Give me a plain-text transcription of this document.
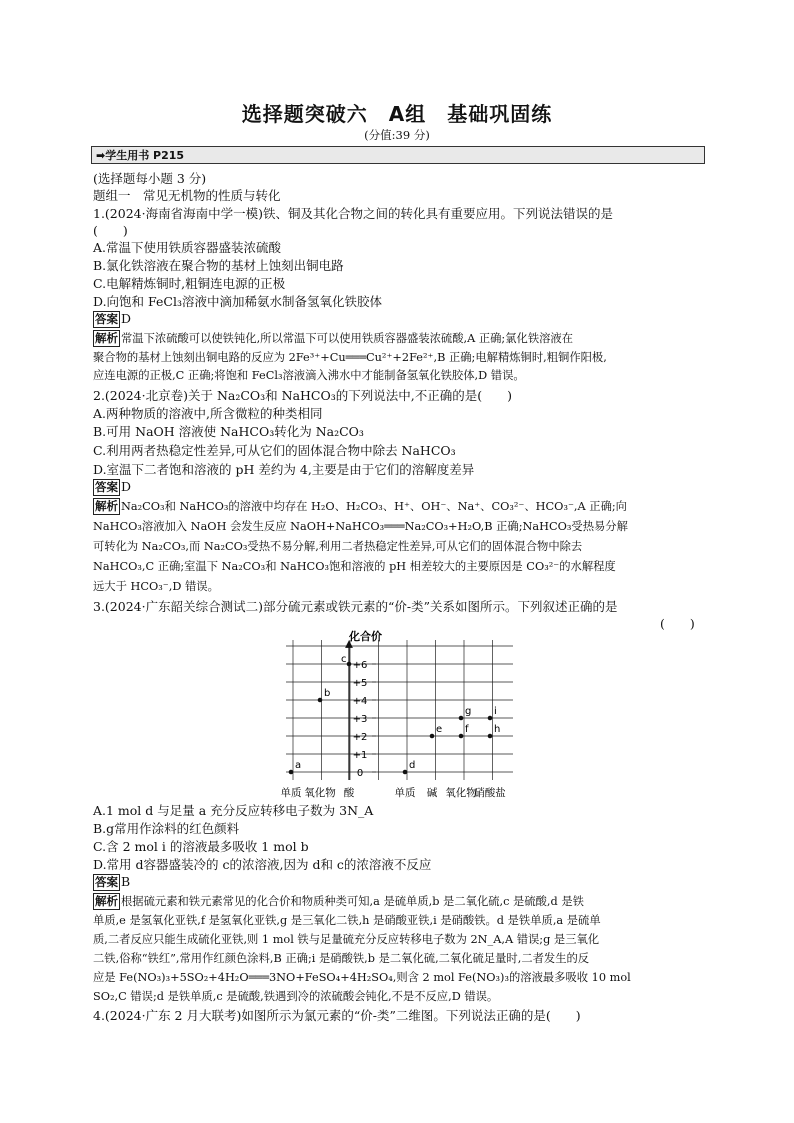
选择题突破六　A组　基础巩固练
(分值:39 分)
➡学生用书 P215
(选择题每小题 3 分)
题组一　常见无机物的性质与转化
1.(2024·海南省海南中学一模)铁、铜及其化合物之间的转化具有重要应用。下列说法错误的是
(　　)
A.常温下使用铁质容器盛装浓硫酸
B.氯化铁溶液在聚合物的基材上蚀刻出铜电路
C.电解精炼铜时,粗铜连电源的正极
D.向饱和 FeCl₃溶液中滴加稀氨水制备氢氧化铁胶体
答案 D
解析 常温下浓硫酸可以使铁钝化,所以常温下可以使用铁质容器盛装浓硫酸,A 正确;氯化铁溶液在
聚合物的基材上蚀刻出铜电路的反应为 2Fe³⁺+Cu═══Cu²⁺+2Fe²⁺,B 正确;电解精炼铜时,粗铜作阳极,
应连电源的正极,C 正确;将饱和 FeCl₃溶液滴入沸水中才能制备氢氧化铁胶体,D 错误。
2.(2024·北京卷)关于 Na₂CO₃和 NaHCO₃的下列说法中,不正确的是(　　)
A.两种物质的溶液中,所含微粒的种类相同
B.可用 NaOH 溶液使 NaHCO₃转化为 Na₂CO₃
C.利用两者热稳定性差异,可从它们的固体混合物中除去 NaHCO₃
D.室温下二者饱和溶液的 pH 差约为 4,主要是由于它们的溶解度差异
答案 D
解析 Na₂CO₃和 NaHCO₃的溶液中均存在 H₂O、H₂CO₃、H⁺、OH⁻、Na⁺、CO₃²⁻、HCO₃⁻,A 正确;向
NaHCO₃溶液加入 NaOH 会发生反应 NaOH+NaHCO₃═══Na₂CO₃+H₂O,B 正确;NaHCO₃受热易分解
可转化为 Na₂CO₃,而 Na₂CO₃受热不易分解,利用二者热稳定性差异,可从它们的固体混合物中除去
NaHCO₃,C 正确;室温下 Na₂CO₃和 NaHCO₃饱和溶液的 pH 相差较大的主要原因是 CO₃²⁻的水解程度
远大于 HCO₃⁻,D 错误。
3.(2024·广东韶关综合测试二)部分硫元素或铁元素的“价-类”关系如图所示。下列叙述正确的是
(　　)
化合价
0
+1
+2
+3
+4
+5
+6
单质 氧化物 酸	单质 碱 氧化物
硝酸盐
a
b
c
d
e f
g
h
i
A.1 mol d 与足量 a 充分反应转移电子数为 3N_A
B.g常用作涂料的红色颜料
C.含 2 mol i 的溶液最多吸收 1 mol b
D.常用 d容器盛装冷的 c的浓溶液,因为 d和 c的浓溶液不反应
答案 B
解析 根据硫元素和铁元素常见的化合价和物质种类可知,a 是硫单质,b 是二氧化硫,c 是硫酸,d 是铁
单质,e 是氢氧化亚铁,f 是氢氧化亚铁,g 是三氧化二铁,h 是硝酸亚铁,i 是硝酸铁。d 是铁单质,a 是硫单
质,二者反应只能生成硫化亚铁,则 1 mol 铁与足量硫充分反应转移电子数为 2N_A,A 错误;g 是三氧化
二铁,俗称“铁红”,常用作红颜色涂料,B 正确;i 是硝酸铁,b 是二氧化硫,二氧化硫足量时,二者发生的反
应是 Fe(NO₃)₃+5SO₂+4H₂O═══3NO+FeSO₄+4H₂SO₄,则含 2 mol Fe(NO₃)₃的溶液最多吸收 10 mol
SO₂,C 错误;d 是铁单质,c 是硫酸,铁遇到冷的浓硫酸会钝化,不是不反应,D 错误。
4.(2024·广东 2 月大联考)如图所示为氯元素的“价-类”二维图。下列说法正确的是(　　)
